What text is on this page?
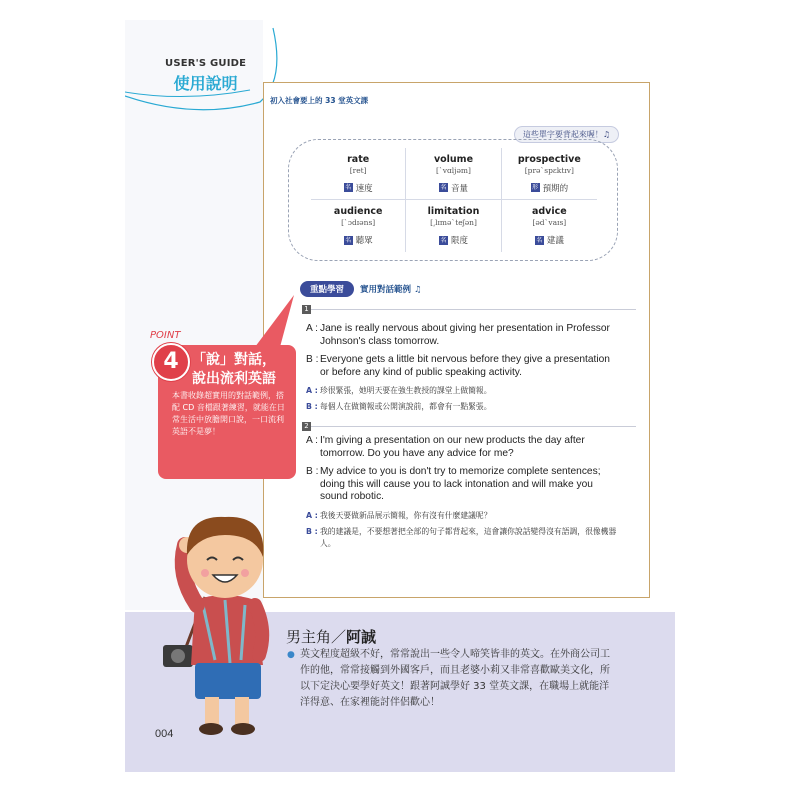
USER'S GUIDE
使用說明
初入社會要上的 33 堂英文課
這些單字要背起來喔！♫
rate
[ret]
名 速度
volume
[ˋvɑljəm]
名 音量
prospective
[prəˋspɛktɪv]
形 預期的
audience
[ˋɔdɪəns]
名 聽眾
limitation
[͵lɪməˋteʃən]
名 限度
advice
[ədˋvaɪs]
名 建議
重點學習	實用對話範例 ♫
1
A : Jane is really nervous about giving her presentation in Professor Johnson's class tomorrow.
B : Everyone gets a little bit nervous before they give a presentation or before any kind of public speaking activity.
A : 珍很緊張，她明天要在強生教授的課堂上做簡報。
B : 每個人在做簡報或公開演說前，都會有一點緊張。
2
A : I'm giving a presentation on our new products the day after tomorrow. Do you have any advice for me?
B : My advice to you is don't try to memorize complete sentences; doing this will cause you to lack intonation and will make you sound robotic.
A : 我後天要做新品展示簡報，你有沒有什麼建議呢？
B : 我的建議是，不要想著把全部的句子都背起來，這會讓你說話變得沒有語調，很像機器人。
「說」對話，
說出流利英語
本書收錄超實用的對話範例，搭配 CD 音檔跟著練習，就能在日常生活中放膽開口說，一口流利英語不是夢！
POINT
4
男主角／阿誠
● 英文程度超級不好，常常說出一些令人啼笑皆非的英文。在外商公司工作的他，常常接觸到外國客戶，而且老婆小莉又非常喜歡歐美文化，所以下定決心要學好英文！跟著阿誠學好 33 堂英文課，在職場上就能洋洋得意、在家裡能討伴侶歡心！
004
